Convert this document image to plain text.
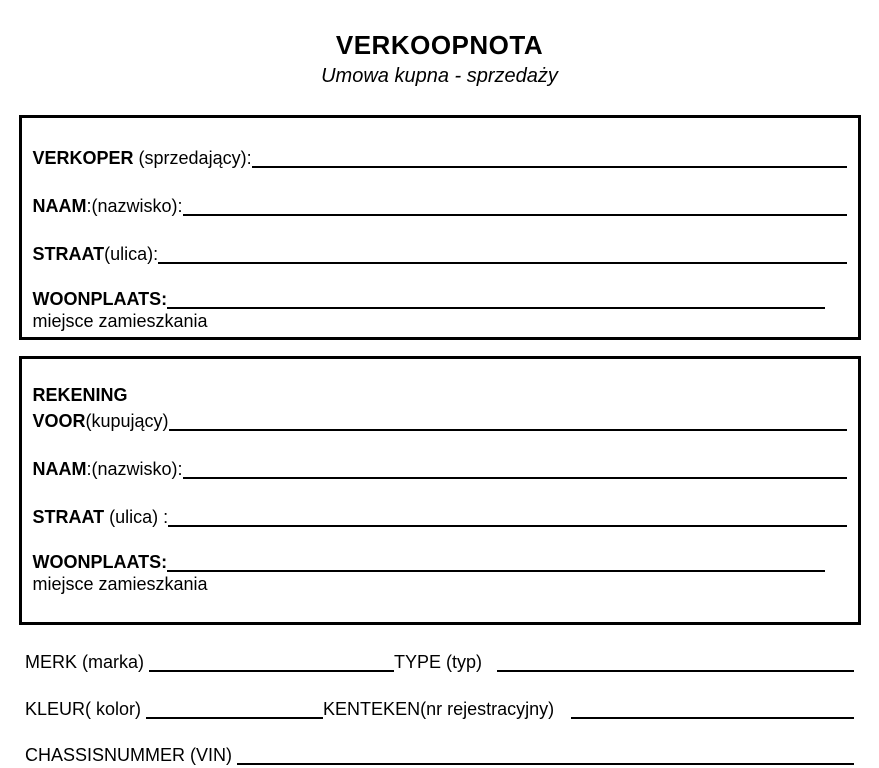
VERKOOPNOTA
Umowa kupna - sprzedaży
VERKOPER (sprzedający):
NAAM :(nazwisko):
STRAAT (ulica):
WOONPLAATS:
miejsce zamieszkania
REKENING
VOOR (kupujący)
NAAM :(nazwisko):
STRAAT (ulica) :
WOONPLAATS:
miejsce zamieszkania
MERK (marka)	TYPE (typ)
KLEUR ( kolor)	KENTEKEN (nr rejestracyjny)
CHASSISNUMMER (VIN)
